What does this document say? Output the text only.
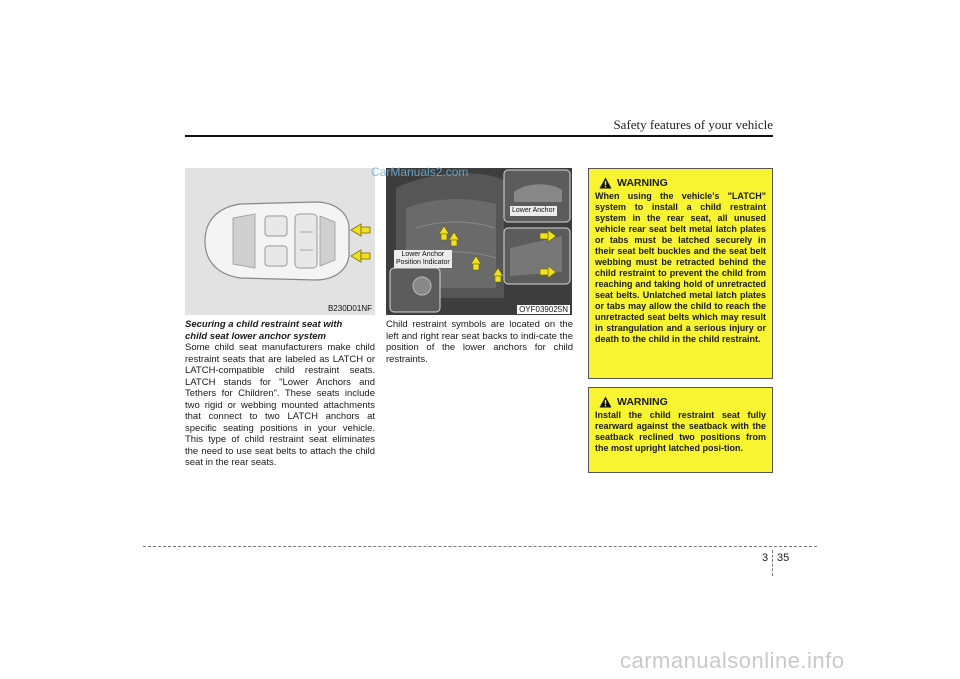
Safety features of your vehicle
B230D01NF
Lower Anchor
Lower Anchor
Position Indicator
OYF039025N
CarManuals2.com

Securing a child restraint seat with

child seat lower anchor system

Some child seat manufacturers make child restraint seats that are labeled as LATCH or LATCH-compatible child restraint seats. LATCH stands for "Lower Anchors and Tethers for Children". These seats include two rigid or webbing mounted attachments that connect to two LATCH anchors at specific seating positions in your vehicle. This type of child restraint seat eliminates the need to use seat belts to attach the child seat in the rear seats.

Child restraint symbols are located on the left and right rear seat backs to indi-cate the position of the lower anchors for child restraints.

WARNING

When using the vehicle's "LATCH" system to install a child restraint system in the rear seat, all unused vehicle rear seat belt metal latch plates or tabs must be latched securely in their seat belt buckles and the seat belt webbing must be retracted behind the child restraint to prevent the child from reaching and taking hold of unretracted seat belts. Unlatched metal latch plates or tabs may allow the child to reach the unretracted seat belts which may result in strangulation and a serious injury or death to the child in the child restraint.

WARNING

Install the child restraint seat fully rearward against the seatback with the seatback reclined two positions from the most upright latched posi-tion.

3 35
carmanualsonline.info
